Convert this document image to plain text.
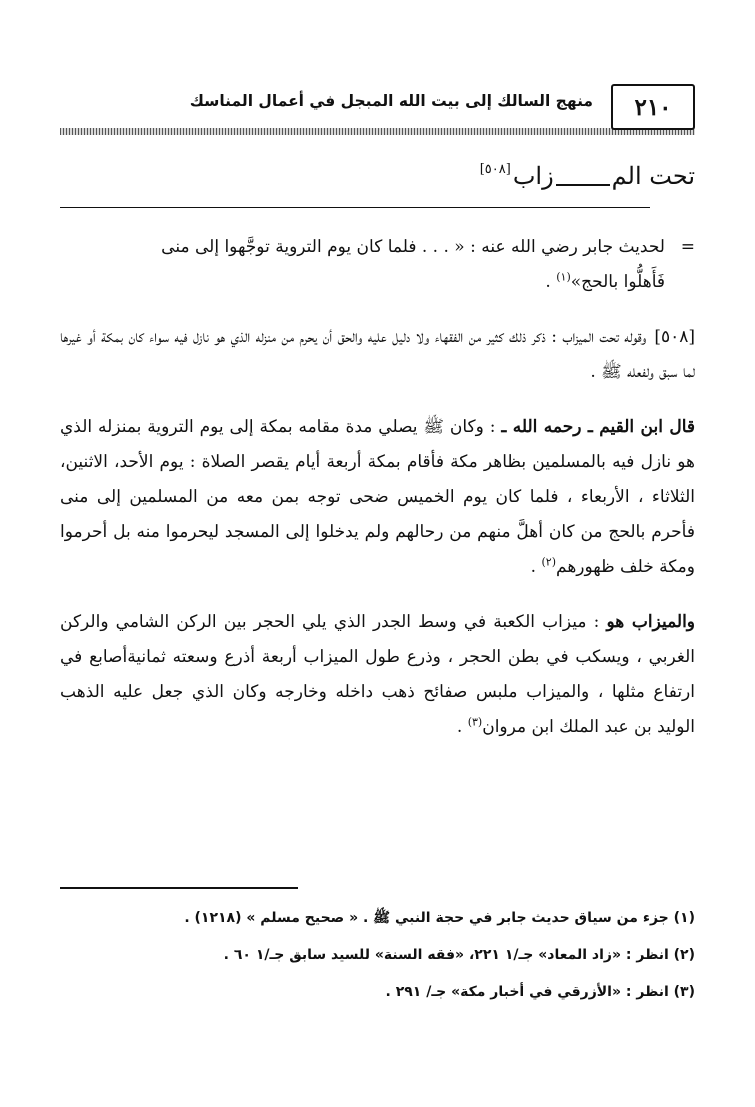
٢١٠
منهج السالك إلى بيت الله المبجل في أعمال المناسك
تحت الم
زاب
[٥٠٨]
=
لحديث جابر رضي الله عنه : « . . . فلما كان يوم التروية توجَّهوا إلى منى
فَأَهلُّوا بالحج»$^{(١)}$ .

[٥٠٨]وقوله تحت الميزاب : ذكر ذلك كثير من الفقهاء ولا دليل عليه والحق أن يحرم من منزله الذي هو نازل فيه سواء كان بمكة أو غيرها لما سبق ولفعله ﷺ .

قال ابن القيم ـ رحمه الله ـ : وكان ﷺ يصلي مدة مقامه بمكة إلى يوم التروية بمنزله الذي هو نازل فيه بالمسلمين بظاهر مكة فأقام بمكة أربعة أيام يقصر الصلاة : يوم الأحد، الاثنين، الثلاثاء ، الأربعاء ، فلما كان يوم الخميس ضحى توجه بمن معه من المسلمين إلى منى فأحرم بالحج من كان أهلَّ منهم من رحالهم ولم يدخلوا إلى المسجد ليحرموا منه بل أحرموا ومكة خلف ظهورهم$^{(٢)}$ .

والميزاب هو : ميزاب الكعبة في وسط الجدر الذي يلي الحجر بين الركن الشامي والركن الغربي ، ويسكب في بطن الحجر ، وذرع طول الميزاب أربعة أذرع وسعته ثمانيةأصابع في ارتفاع مثلها ، والميزاب ملبس صفائح ذهب داخله وخارجه وكان الذي جعل عليه الذهب الوليد بن عبد الملك ابن مروان$^{(٣)}$ .

(١) جزء من سياق حديث جابر في حجة النبي ﷺ . « صحيح مسلم » (١٢١٨) .

(٢) انظر : «زاد المعاد» جـ/١ ٢٢١، «فقه السنة» للسيد سابق جـ/١ ٦٠ .

(٣) انظر : «الأزرقي في أخبار مكة» جـ/ ٢٩١ .
